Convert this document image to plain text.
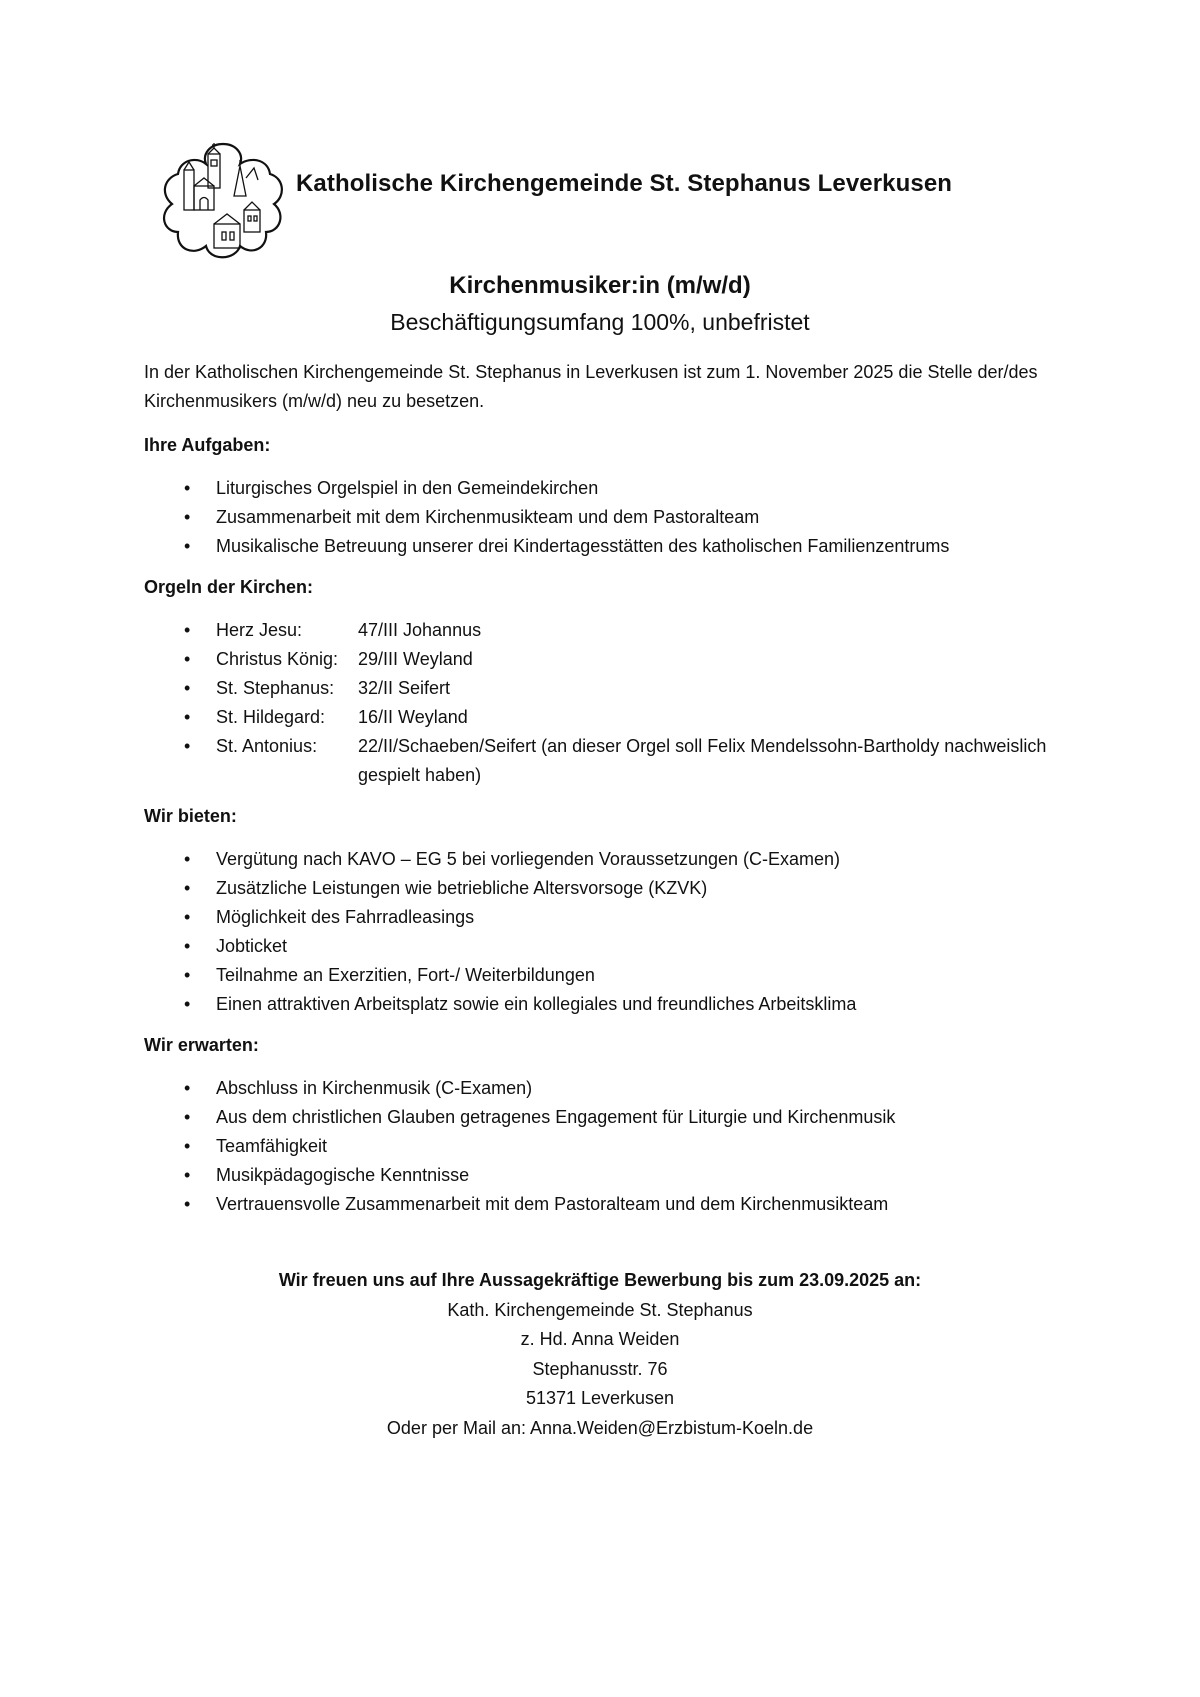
Katholische Kirchengemeinde St. Stephanus Leverkusen
Kirchenmusiker:in (m/w/d)
Beschäftigungsumfang 100%, unbefristet

In der Katholischen Kirchengemeinde St. Stephanus in Leverkusen ist zum 1. November 2025 die Stelle der/des Kirchenmusikers (m/w/d) neu zu besetzen.

Ihre Aufgaben:
• Liturgisches Orgelspiel in den Gemeindekirchen
• Zusammenarbeit mit dem Kirchenmusikteam und dem Pastoralteam
• Musikalische Betreuung unserer drei Kindertagesstätten des katholischen Familienzentrums
Orgeln der Kirchen:
• Herz Jesu:	47/III Johannus
• Christus König:	29/III Weyland
• St. Stephanus:	32/II Seifert
• St. Hildegard:	16/II Weyland
• St. Antonius:	22/II/Schaeben/Seifert (an dieser Orgel soll Felix Mendelssohn-Bartholdy nachweislich gespielt haben)
Wir bieten:
• Vergütung nach KAVO – EG 5 bei vorliegenden Voraussetzungen (C-Examen)
• Zusätzliche Leistungen wie betriebliche Altersvorsoge (KZVK)
• Möglichkeit des Fahrradleasings
• Jobticket
• Teilnahme an Exerzitien, Fort-/ Weiterbildungen
• Einen attraktiven Arbeitsplatz sowie ein kollegiales und freundliches Arbeitsklima
Wir erwarten:
• Abschluss in Kirchenmusik (C-Examen)
• Aus dem christlichen Glauben getragenes Engagement für Liturgie und Kirchenmusik
• Teamfähigkeit
• Musikpädagogische Kenntnisse
• Vertrauensvolle Zusammenarbeit mit dem Pastoralteam und dem Kirchenmusikteam
Wir freuen uns auf Ihre Aussagekräftige Bewerbung bis zum 23.09.2025 an:
Kath. Kirchengemeinde St. Stephanus
z. Hd. Anna Weiden
Stephanusstr. 76
51371 Leverkusen
Oder per Mail an: Anna.Weiden@Erzbistum-Koeln.de
